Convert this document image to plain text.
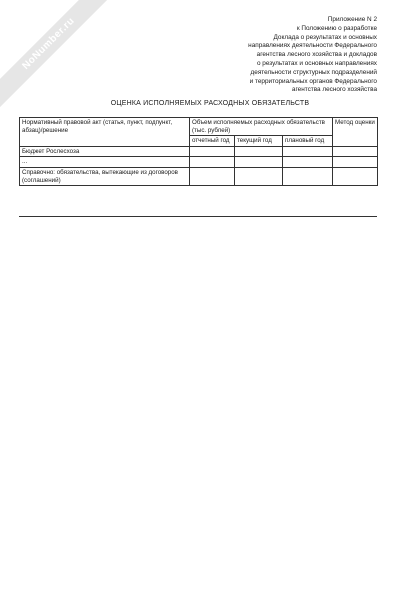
NoNumber.ru	Приложение N 2
к Положению о разработке
Доклада о результатах и основных
направлениях деятельности Федерального
агентства лесного хозяйства и докладов
о результатах и основных направлениях
деятельности структурных подразделений
и территориальных органов Федерального
агентства лесного хозяйства
ОЦЕНКА ИСПОЛНЯЕМЫХ РАСХОДНЫХ ОБЯЗАТЕЛЬСТВ
Нормативный правовой акт (статья, пункт, подпункт, абзац)/решение	Объем исполняемых расходных обязательств (тыс. рублей)			Метод оценки
	отчетный год	текущий год	плановый год	
Бюджет Рослесхоза				
...				
Справочно: обязательства, вытекающие из договоров (соглашений)				
